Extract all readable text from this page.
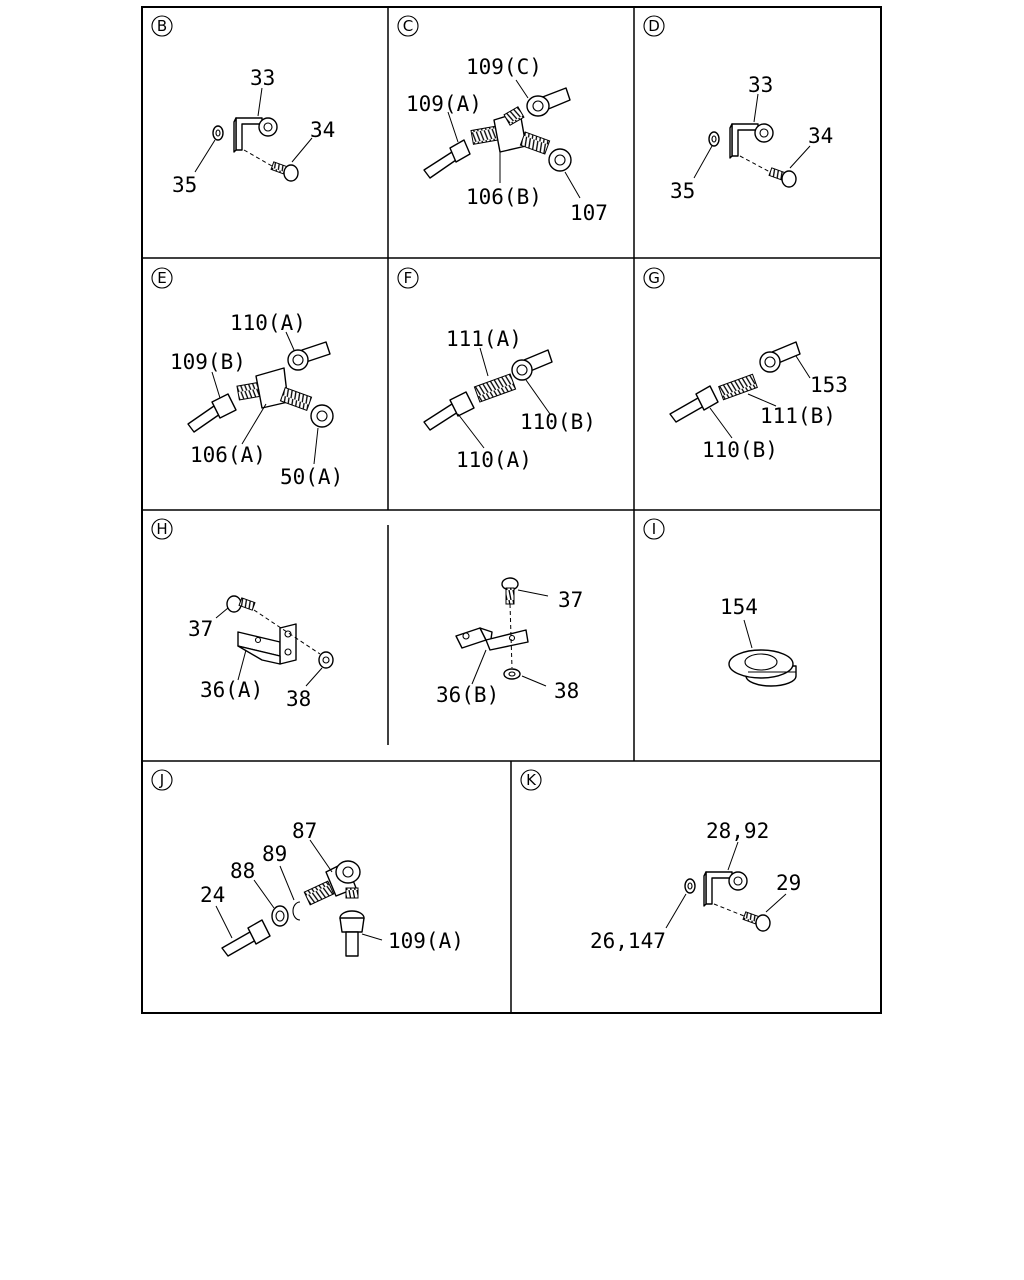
B
33
34
35
C
109(C)
109(A)
106(B)
107
D
33
34
35
E
110(A)
109(B)
106(A)
50(A)
F
111(A)
110(B)
110(A)
G
153
111(B)
110(B)
H
37
36(A) 38
37
36(B)	38
I
154
J
87
88
89
24
109(A)
K
28,92
29
26,147
